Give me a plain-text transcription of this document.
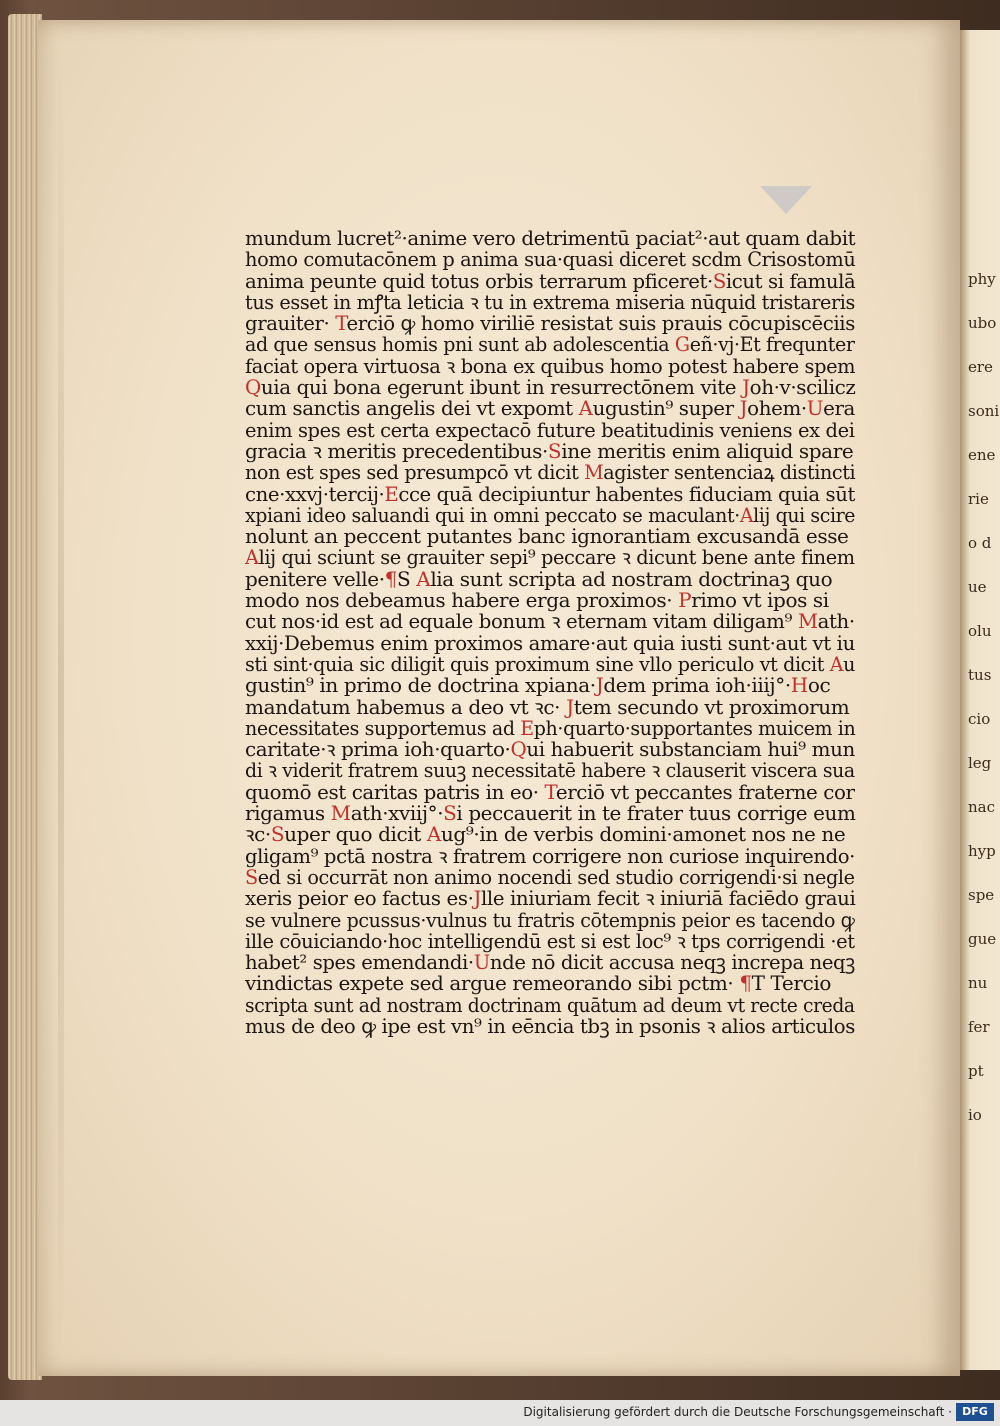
phy
ubo
ere
soni
ene
rie
o d
ue
olu
tus
cio
leg
nac
hyp
spe
gue
nu
fer
pt
io
mundum lucret²·anime vero detrimentū paciat²·aut quam dabit
homo comutacōnem p anima sua·quasi diceret scdm Crisostomū
anima peunte quid totus orbis terrarum pficeret·Sicut si famulā
tus esset in mꝭta leticia ꝛ tu in extrema miseria nūquid tristareris
grauiter· Terciō ꝙ homo viriliē resistat suis prauis cōcupiscēciis
ad que sensus homis pni sunt ab adolescentia Geñ·vj·Et frequnter
faciat opera virtuosa ꝛ bona ex quibus homo potest habere spem
Quia qui bona egerunt ibunt in resurrectōnem vite Joh·v·scilicz
cum sanctis angelis dei vt expomt Augustin⁹ super Johem·Uera
enim spes est certa expectacō future beatitudinis veniens ex dei
gracia ꝛ meritis precedentibus·Sine meritis enim aliquid spare
non est spes sed presumpcō vt dicit Magister sentenciaꝝ distincti
cne·xxvj·tercij·Ecce quā decipiuntur habentes fiduciam quia sūt
xpiani ideo saluandi qui in omni peccato se maculant·Alij qui scire
nolunt an peccent putantes banc ignorantiam excusandā esse
Alij qui sciunt se grauiter sepi⁹ peccare ꝛ dicunt bene ante finem
penitere velle·¶S Alia sunt scripta ad nostram doctrinaꝫ quo
modo nos debeamus habere erga proximos· Primo vt ipos si
cut nos·id est ad equale bonum ꝛ eternam vitam diligam⁹ Math·
xxij·Debemus enim proximos amare·aut quia iusti sunt·aut vt iu
sti sint·quia sic diligit quis proximum sine vllo periculo vt dicit Au
gustin⁹ in primo de doctrina xpiana·Jdem prima ioh·iiij°·Hoc
mandatum habemus a deo vt ꝛc· Jtem secundo vt proximorum
necessitates supportemus ad Eph·quarto·supportantes muicem in
caritate·ꝛ prima ioh·quarto·Qui habuerit substanciam hui⁹ mun
di ꝛ viderit fratrem suuꝫ necessitatē habere ꝛ clauserit viscera sua
quomō est caritas patris in eo· Terciō vt peccantes fraterne cor
rigamus Math·xviij°·Si peccauerit in te frater tuus corrige eum
ꝛc·Super quo dicit Aug⁹·in de verbis domini·amonet nos ne ne
gligam⁹ pctā nostra ꝛ fratrem corrigere non curiose inquirendo·
Sed si occurrāt non animo nocendi sed studio corrigendi·si negle
xeris peior eo factus es·Jlle iniuriam fecit ꝛ iniuriā faciēdo graui
se vulnere pcussus·vulnus tu fratris cōtempnis peior es tacendo ꝙ
ille cōuiciando·hoc intelligendū est si est loc⁹ ꝛ tps corrigendi ·et
habet² spes emendandi·Unde nō dicit accusa neqꝫ increpa neqꝫ
vindictas expete sed argue remeorando sibi pctm· ¶T Tercio
scripta sunt ad nostram doctrinam quātum ad deum vt recte creda
mus de deo ꝙ ipe est vn⁹ in eēncia tbꝫ in psonis ꝛ alios articulos
Digitalisierung gefördert durch die Deutsche Forschungsgemeinschaft · DFG
